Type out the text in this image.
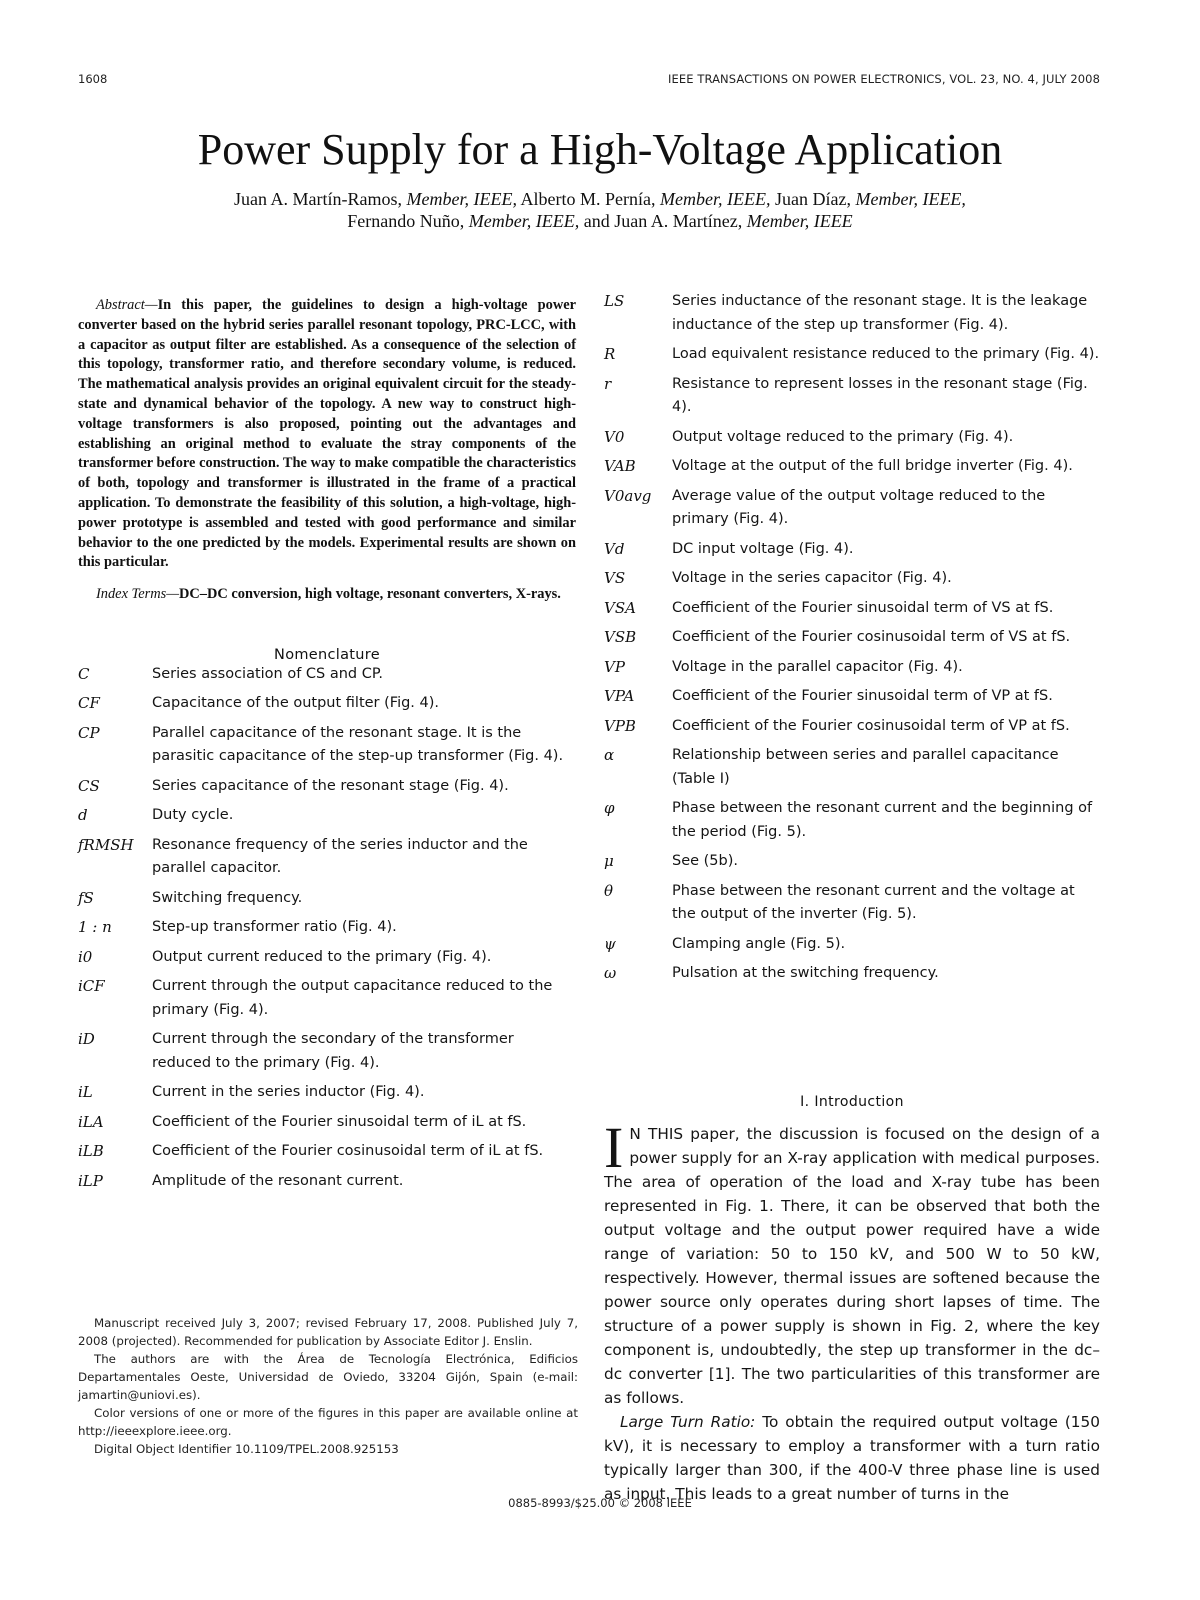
1608	IEEE TRANSACTIONS ON POWER ELECTRONICS, VOL. 23, NO. 4, JULY 2008
Power Supply for a High-Voltage Application
Juan A. Martín-Ramos, Member, IEEE, Alberto M. Pernía, Member, IEEE, Juan Díaz, Member, IEEE,
Fernando Nuño, Member, IEEE, and Juan A. Martínez, Member, IEEE

Abstract—In this paper, the guidelines to design a high-voltage power converter based on the hybrid series parallel resonant topology, PRC-LCC, with a capacitor as output filter are established. As a consequence of the selection of this topology, transformer ratio, and therefore secondary volume, is reduced. The mathematical analysis provides an original equivalent circuit for the steady-state and dynamical behavior of the topology. A new way to construct high-voltage transformers is also proposed, pointing out the advantages and establishing an original method to evaluate the stray components of the transformer before construction. The way to make compatible the characteristics of both, topology and transformer is illustrated in the frame of a practical application. To demonstrate the feasibility of this solution, a high-voltage, high-power prototype is assembled and tested with good performance and similar behavior to the one predicted by the models. Experimental results are shown on this particular.

Index Terms—DC–DC conversion, high voltage, resonant converters, X-rays.

Nomenclature
C	Series association of CS and CP.
CF	Capacitance of the output filter (Fig. 4).
CP	Parallel capacitance of the resonant stage. It is the parasitic capacitance of the step-up transformer (Fig. 4).
CS	Series capacitance of the resonant stage (Fig. 4).
d	Duty cycle.
fRMSH	Resonance frequency of the series inductor and the parallel capacitor.
fS	Switching frequency.
1 : n	Step-up transformer ratio (Fig. 4).
i0	Output current reduced to the primary (Fig. 4).
iCF	Current through the output capacitance reduced to the primary (Fig. 4).
iD	Current through the secondary of the transformer reduced to the primary (Fig. 4).
iL	Current in the series inductor (Fig. 4).
iLA	Coefficient of the Fourier sinusoidal term of iL at fS.
iLB	Coefficient of the Fourier cosinusoidal term of iL at fS.
iLP	Amplitude of the resonant current.
LS	Series inductance of the resonant stage. It is the leakage inductance of the step up transformer (Fig. 4).
R	Load equivalent resistance reduced to the primary (Fig. 4).
r	Resistance to represent losses in the resonant stage (Fig. 4).
V0	Output voltage reduced to the primary (Fig. 4).
VAB	Voltage at the output of the full bridge inverter (Fig. 4).
V0avg	Average value of the output voltage reduced to the primary (Fig. 4).
Vd	DC input voltage (Fig. 4).
VS	Voltage in the series capacitor (Fig. 4).
VSA	Coefficient of the Fourier sinusoidal term of VS at fS.
VSB	Coefficient of the Fourier cosinusoidal term of VS at fS.
VP	Voltage in the parallel capacitor (Fig. 4).
VPA	Coefficient of the Fourier sinusoidal term of VP at fS.
VPB	Coefficient of the Fourier cosinusoidal term of VP at fS.
α	Relationship between series and parallel capacitance (Table I)
φ	Phase between the resonant current and the beginning of the period (Fig. 5).
μ	See (5b).
θ	Phase between the resonant current and the voltage at the output of the inverter (Fig. 5).
ψ	Clamping angle (Fig. 5).
ω	Pulsation at the switching frequency.

Manuscript received July 3, 2007; revised February 17, 2008. Published July 7, 2008 (projected). Recommended for publication by Associate Editor J. Enslin.

The authors are with the Área de Tecnología Electrónica, Edificios Departamentales Oeste, Universidad de Oviedo, 33204 Gijón, Spain (e-mail: jamartin@uniovi.es).

Color versions of one or more of the figures in this paper are available online at http://ieeexplore.ieee.org.

Digital Object Identifier 10.1109/TPEL.2008.925153

I. Introduction

I N THIS paper, the discussion is focused on the design of a power supply for an X-ray application with medical purposes. The area of operation of the load and X-ray tube has been represented in Fig. 1. There, it can be observed that both the output voltage and the output power required have a wide range of variation: 50 to 150 kV, and 500 W to 50 kW, respectively. However, thermal issues are softened because the power source only operates during short lapses of time. The structure of a power supply is shown in Fig. 2, where the key component is, undoubtedly, the step up transformer in the dc–dc converter [1]. The two particularities of this transformer are as follows.

Large Turn Ratio: To obtain the required output voltage (150 kV), it is necessary to employ a transformer with a turn ratio typically larger than 300, if the 400-V three phase line is used as input. This leads to a great number of turns in the

0885-8993/$25.00 © 2008 IEEE
